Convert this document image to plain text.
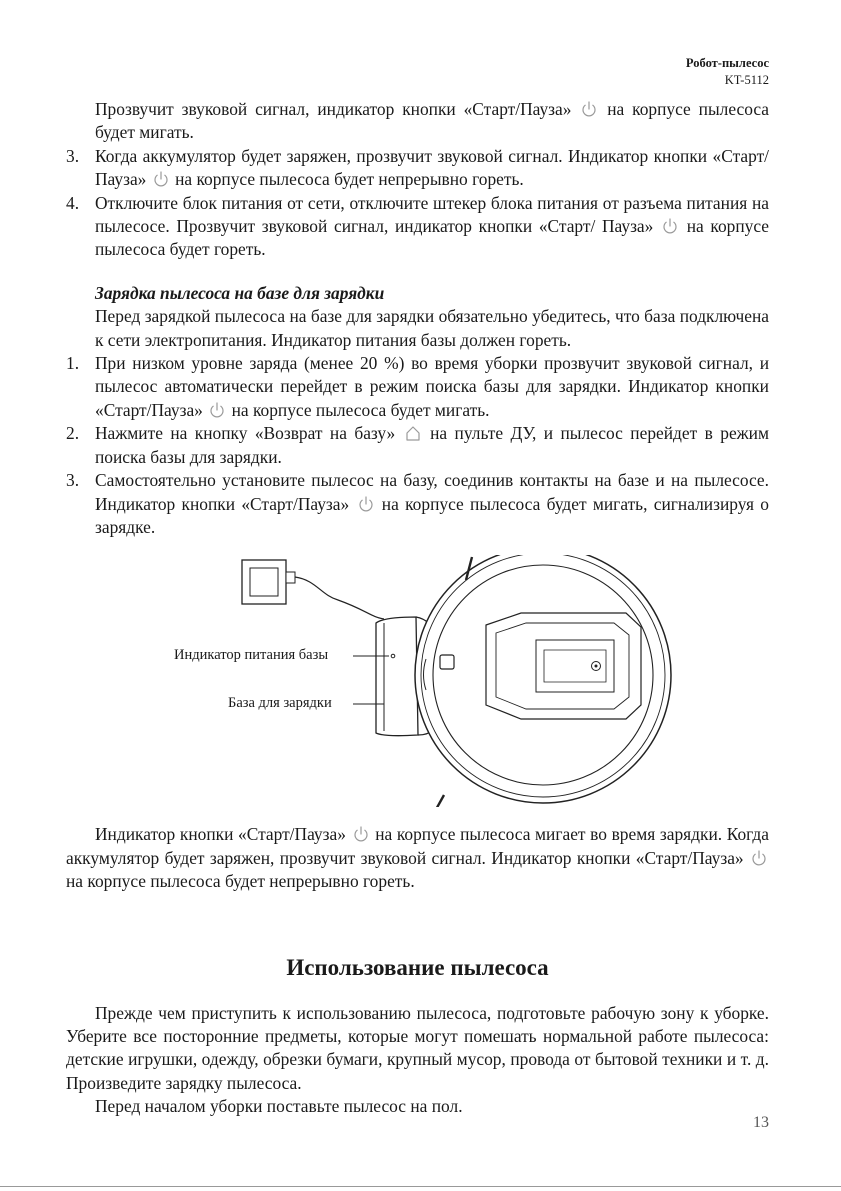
Робот-пылесос
KT-5112

Прозвучит звуковой сигнал, индикатор кнопки «Старт/Пауза» на корпусе пылесоса будет мигать.

3. Когда аккумулятор будет заряжен, прозвучит звуковой сигнал. Индикатор кнопки «Старт/Пауза» на корпусе пылесоса будет непрерывно гореть.

4. Отключите блок питания от сети, отключите штекер блока питания от разъема питания на пылесосе. Прозвучит звуковой сигнал, индикатор кнопки «Старт/ Пауза» на корпусе пылесоса будет гореть.

Зарядка пылесоса на базе для зарядки

Перед зарядкой пылесоса на базе для зарядки обязательно убедитесь, что база подключена к сети электропитания. Индикатор питания базы должен гореть.

1. При низком уровне заряда (менее 20 %) во время уборки прозвучит звуковой сигнал, и пылесос автоматически перейдет в режим поиска базы для зарядки. Индикатор кнопки «Старт/Пауза» на корпусе пылесоса будет мигать.

2. Нажмите на кнопку «Возврат на базу» на пульте ДУ, и пылесос перейдет в режим поиска базы для зарядки.

3. Самостоятельно установите пылесос на базу, соединив контакты на базе и на пылесосе. Индикатор кнопки «Старт/Пауза» на корпусе пылесоса будет мигать, сигнализируя о зарядке.

Индикатор питания базы
База для зарядки

Индикатор кнопки «Старт/Пауза» на корпусе пылесоса мигает во время зарядки. Когда аккумулятор будет заряжен, прозвучит звуковой сигнал. Индикатор кнопки «Старт/Пауза»  на корпусе пылесоса будет непрерывно гореть.

Использование пылесоса

Прежде чем приступить к использованию пылесоса, подготовьте рабочую зону к уборке. Уберите все посторонние предметы, которые могут помешать нормальной работе пылесоса: детские игрушки, одежду, обрезки бумаги, крупный мусор, провода от бытовой техники и т. д. Произведите зарядку пылесоса.

Перед началом уборки поставьте пылесос на пол.

13
